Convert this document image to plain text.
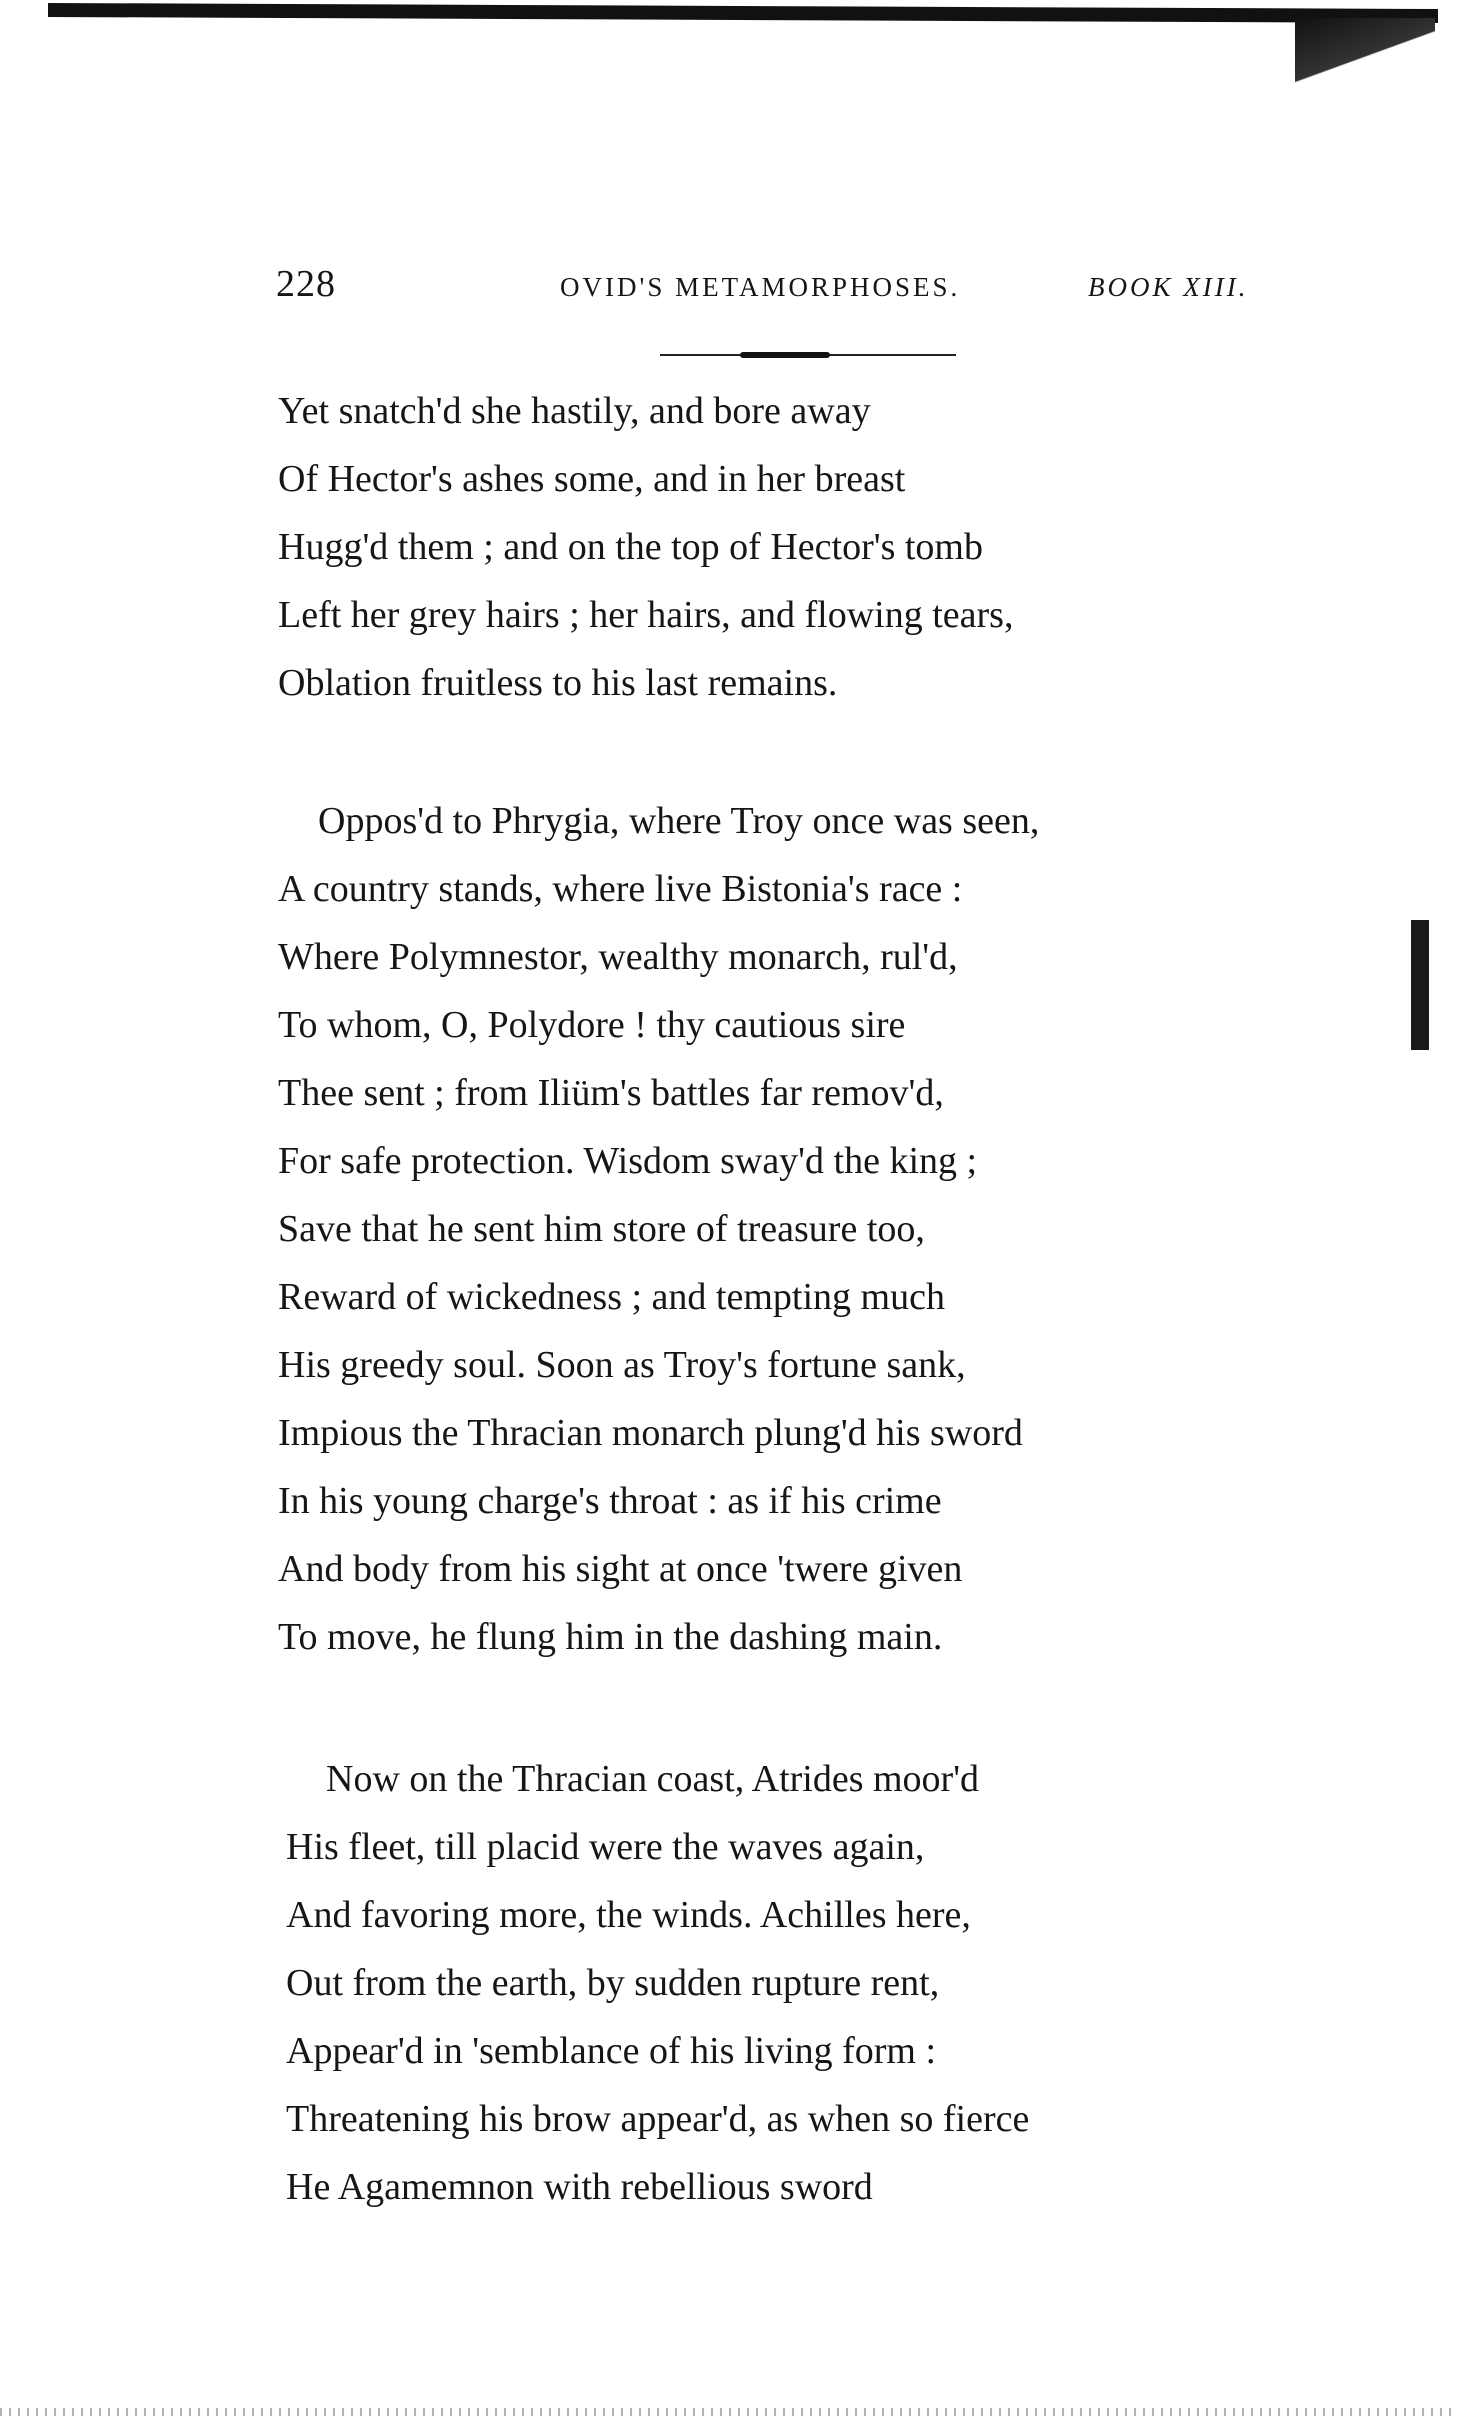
228	OVID'S METAMORPHOSES.	BOOK XIII.
Yet snatch'd she hastily, and bore away
Of Hector's ashes some, and in her breast
Hugg'd them ; and on the top of Hector's tomb
Left her grey hairs ; her hairs, and flowing tears,
Oblation fruitless to his last remains.
Oppos'd to Phrygia, where Troy once was seen,
A country stands, where live Bistonia's race :
Where Polymnestor, wealthy monarch, rul'd,
To whom, O, Polydore ! thy cautious sire
Thee sent ; from Iliüm's battles far remov'd,
For safe protection. Wisdom sway'd the king ;
Save that he sent him store of treasure too,
Reward of wickedness ; and tempting much
His greedy soul. Soon as Troy's fortune sank,
Impious the Thracian monarch plung'd his sword
In his young charge's throat : as if his crime
And body from his sight at once 'twere given
To move, he flung him in the dashing main.
Now on the Thracian coast, Atrides moor'd
His fleet, till placid were the waves again,
And favoring more, the winds. Achilles here,
Out from the earth, by sudden rupture rent,
Appear'd in 'semblance of his living form :
Threatening his brow appear'd, as when so fierce
He Agamemnon with rebellious sword
